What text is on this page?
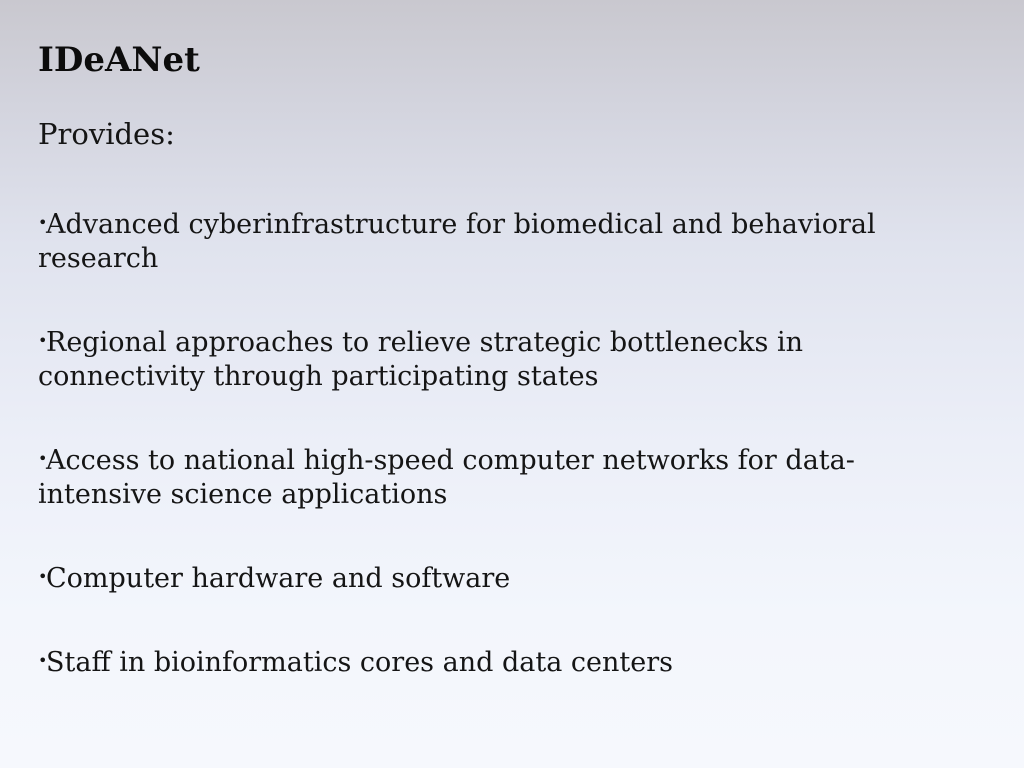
IDeANet

Provides:

•Advanced cyberinfrastructure for biomedical and behavioral research
•Regional approaches to relieve strategic bottlenecks in connectivity through participating states
•Access to national high-speed computer networks for data-intensive science applications
•Computer hardware and software
•Staff in bioinformatics cores and data centers
